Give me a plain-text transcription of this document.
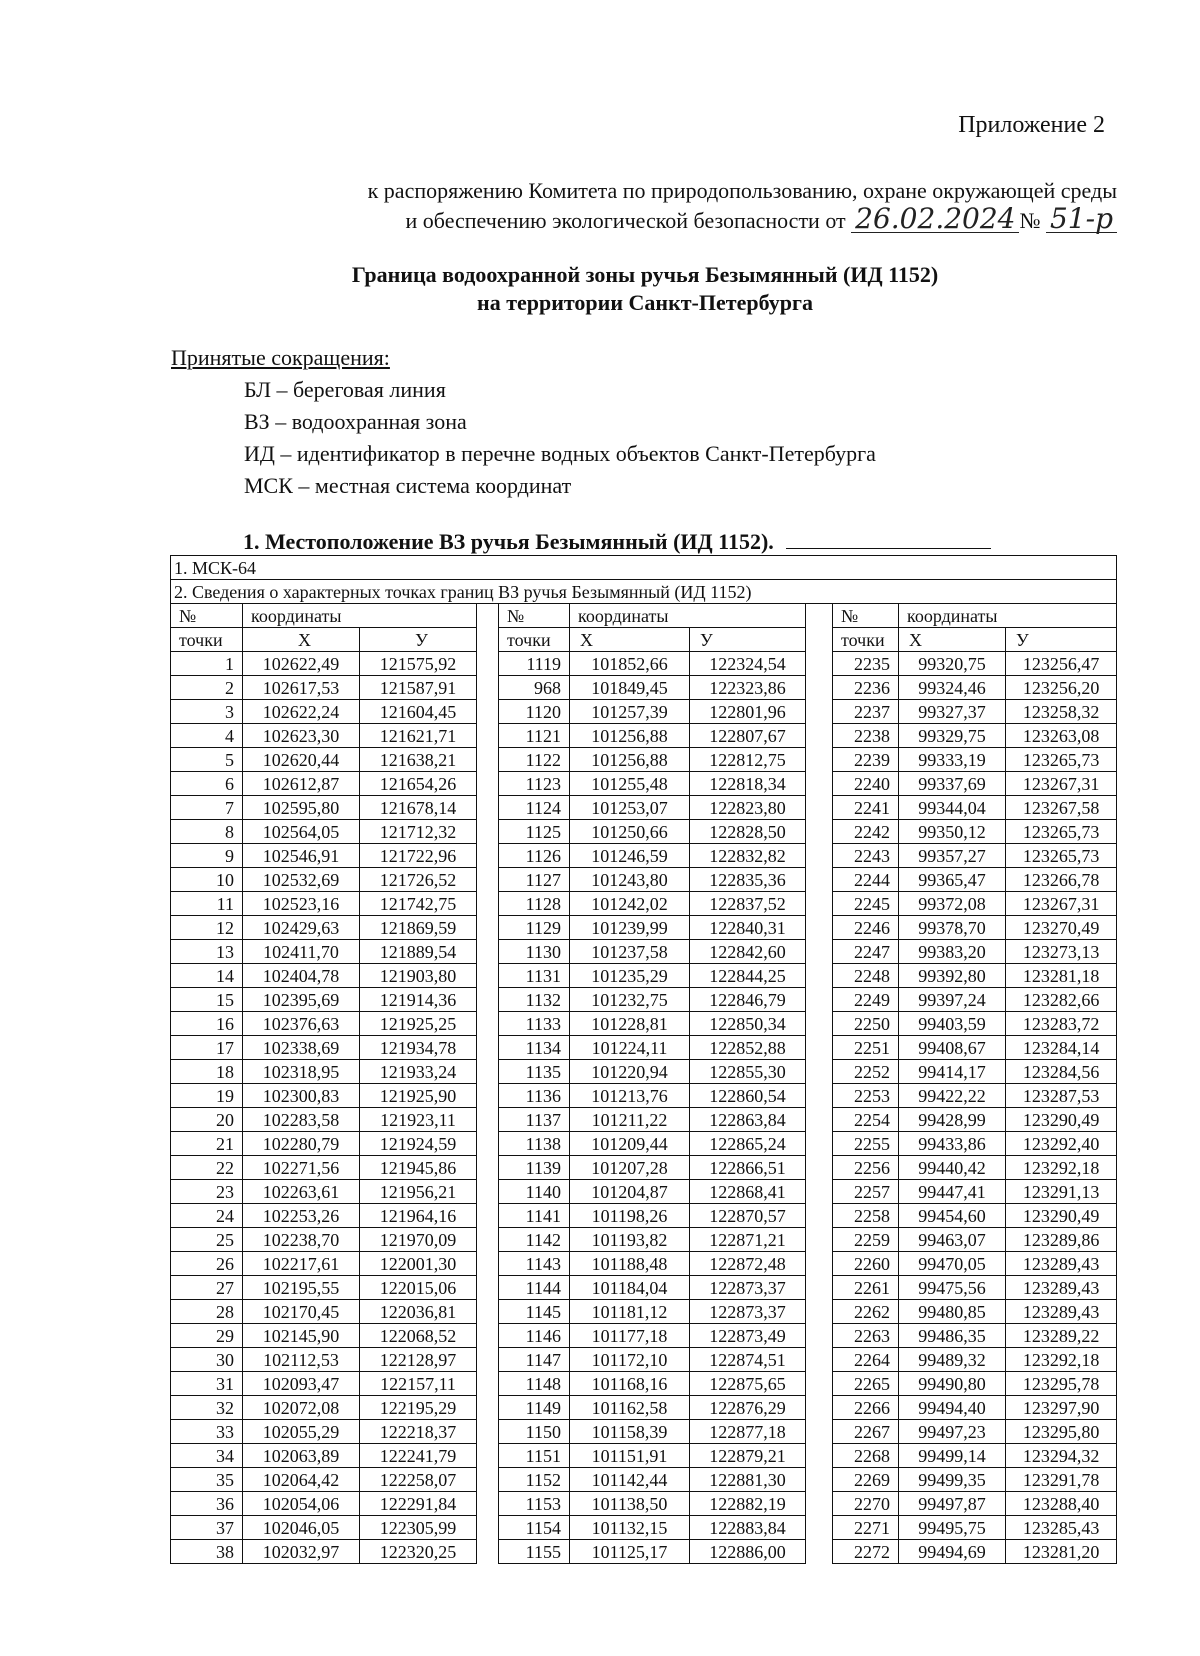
Приложение 2
к распоряжению Комитета по природопользованию, охране окружающей среды
и обеспечению экологической безопасности от 26.02.2024 № 51-р
Граница водоохранной зоны ручья Безымянный (ИД 1152)
на территории Санкт-Петербурга
Принятые сокращения:
БЛ – береговая линия
ВЗ – водоохранная зона
ИД – идентификатор в перечне водных объектов Санкт-Петербурга
МСК – местная система координат
1. Местоположение ВЗ ручья Безымянный (ИД 1152).
1. МСК-64										
2. Сведения о характерных точках границ ВЗ ручья Безымянный (ИД 1152)										
№	координаты			№	координаты			№	координаты	
точки	Х	У		точки	Х	У		точки	Х	У
1	102622,49	121575,92		1119	101852,66	122324,54		2235	99320,75	123256,47
2	102617,53	121587,91		968	101849,45	122323,86		2236	99324,46	123256,20
3	102622,24	121604,45		1120	101257,39	122801,96		2237	99327,37	123258,32
4	102623,30	121621,71		1121	101256,88	122807,67		2238	99329,75	123263,08
5	102620,44	121638,21		1122	101256,88	122812,75		2239	99333,19	123265,73
6	102612,87	121654,26		1123	101255,48	122818,34		2240	99337,69	123267,31
7	102595,80	121678,14		1124	101253,07	122823,80		2241	99344,04	123267,58
8	102564,05	121712,32		1125	101250,66	122828,50		2242	99350,12	123265,73
9	102546,91	121722,96		1126	101246,59	122832,82		2243	99357,27	123265,73
10	102532,69	121726,52		1127	101243,80	122835,36		2244	99365,47	123266,78
11	102523,16	121742,75		1128	101242,02	122837,52		2245	99372,08	123267,31
12	102429,63	121869,59		1129	101239,99	122840,31		2246	99378,70	123270,49
13	102411,70	121889,54		1130	101237,58	122842,60		2247	99383,20	123273,13
14	102404,78	121903,80		1131	101235,29	122844,25		2248	99392,80	123281,18
15	102395,69	121914,36		1132	101232,75	122846,79		2249	99397,24	123282,66
16	102376,63	121925,25		1133	101228,81	122850,34		2250	99403,59	123283,72
17	102338,69	121934,78		1134	101224,11	122852,88		2251	99408,67	123284,14
18	102318,95	121933,24		1135	101220,94	122855,30		2252	99414,17	123284,56
19	102300,83	121925,90		1136	101213,76	122860,54		2253	99422,22	123287,53
20	102283,58	121923,11		1137	101211,22	122863,84		2254	99428,99	123290,49
21	102280,79	121924,59		1138	101209,44	122865,24		2255	99433,86	123292,40
22	102271,56	121945,86		1139	101207,28	122866,51		2256	99440,42	123292,18
23	102263,61	121956,21		1140	101204,87	122868,41		2257	99447,41	123291,13
24	102253,26	121964,16		1141	101198,26	122870,57		2258	99454,60	123290,49
25	102238,70	121970,09		1142	101193,82	122871,21		2259	99463,07	123289,86
26	102217,61	122001,30		1143	101188,48	122872,48		2260	99470,05	123289,43
27	102195,55	122015,06		1144	101184,04	122873,37		2261	99475,56	123289,43
28	102170,45	122036,81		1145	101181,12	122873,37		2262	99480,85	123289,43
29	102145,90	122068,52		1146	101177,18	122873,49		2263	99486,35	123289,22
30	102112,53	122128,97		1147	101172,10	122874,51		2264	99489,32	123292,18
31	102093,47	122157,11		1148	101168,16	122875,65		2265	99490,80	123295,78
32	102072,08	122195,29		1149	101162,58	122876,29		2266	99494,40	123297,90
33	102055,29	122218,37		1150	101158,39	122877,18		2267	99497,23	123295,80
34	102063,89	122241,79		1151	101151,91	122879,21		2268	99499,14	123294,32
35	102064,42	122258,07		1152	101142,44	122881,30		2269	99499,35	123291,78
36	102054,06	122291,84		1153	101138,50	122882,19		2270	99497,87	123288,40
37	102046,05	122305,99		1154	101132,15	122883,84		2271	99495,75	123285,43
38	102032,97	122320,25		1155	101125,17	122886,00		2272	99494,69	123281,20
